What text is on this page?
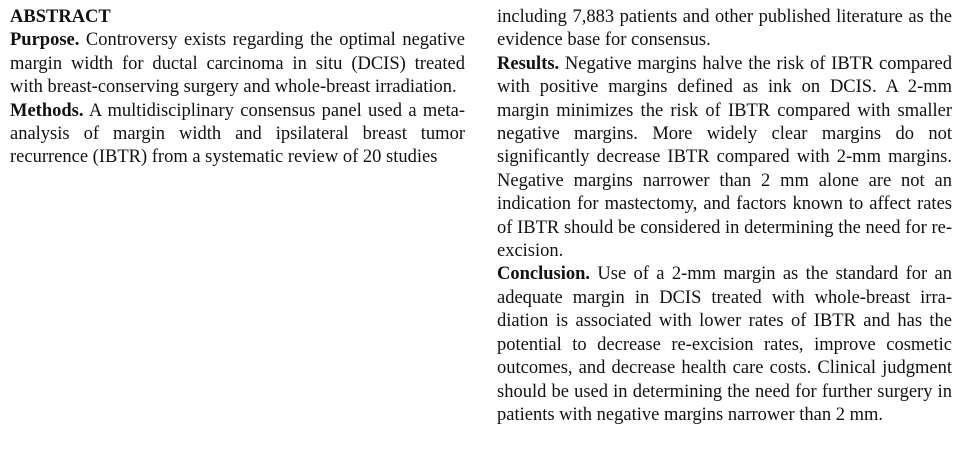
ABSTRACT

Purpose. Controversy exists regarding the optimal negative margin width for ductal carcinoma in situ (DCIS) treated with breast-conserving surgery and whole-breast irradiation.

Methods. A multidisciplinary consensus panel used a meta-analysis of margin width and ipsilateral breast tumor recurrence (IBTR) from a systematic review of 20 studies

including 7,883 patients and other published literature as the evidence base for consensus.

Results. Negative margins halve the risk of IBTR compared with positive margins defined as ink on DCIS. A 2-mm margin minimizes the risk of IBTR compared with smaller negative margins. More widely clear margins do not significantly decrease IBTR compared with 2-mm margins. Negative margins narrower than 2 mm alone are not an indication for mastectomy, and factors known to affect rates of IBTR should be considered in determining the need for re-excision.

Conclusion. Use of a 2-mm margin as the standard for an adequate margin in DCIS treated with whole-breast irradiation is associated with lower rates of IBTR and has the potential to decrease re-excision rates, improve cosmetic outcomes, and decrease health care costs. Clinical judgment should be used in determining the need for further surgery in patients with negative margins narrower than 2 mm.
